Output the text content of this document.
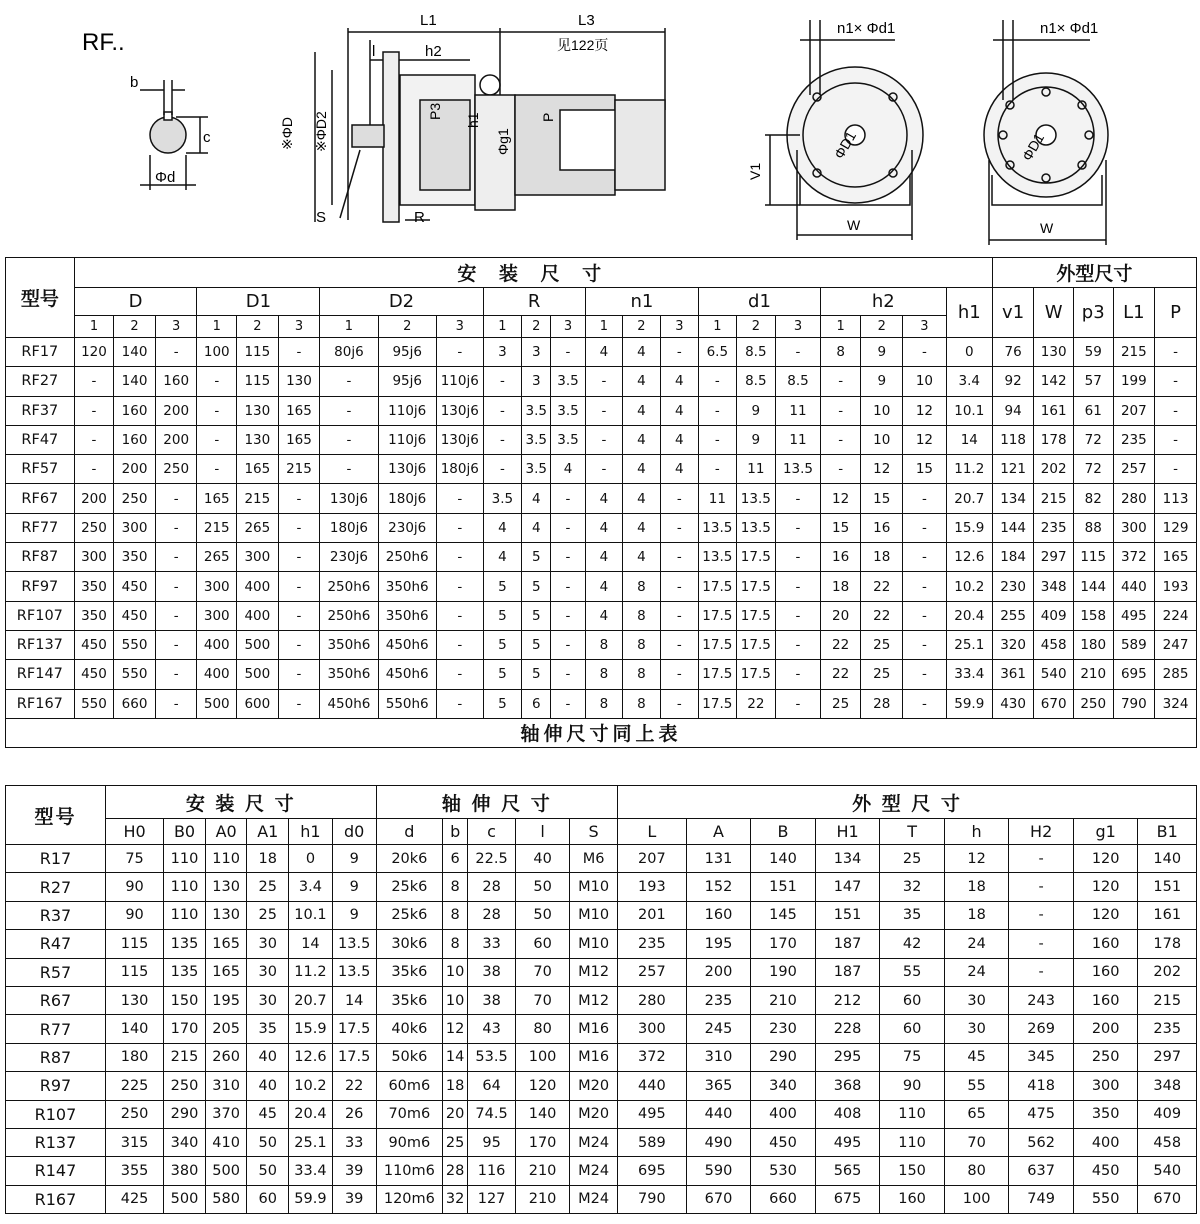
RF..
b
c
Φd
L1	L3
见122页
l	h2
P3
h1	P
※ΦD ※ΦD2	Φg1
S	R
n1× Φd1
ΦD1
V1
W
n1× Φd1
ΦD1
W
型号	安 装 尺 寸																						外型尺寸				
	D			D1			D2			R			n1			d1			h2			h1	v1	W	p3	L1	P
	1	2	3	1	2	3	1	2	3	1	2	3	1	2	3	1	2	3	1	2	3						
RF17	120	140	-	100	115	-	80j6	95j6	-	3	3	-	4	4	-	6.5	8.5	-	8	9	-	0	76	130	59	215	-
RF27	-	140	160	-	115	130	-	95j6	110j6	-	3	3.5	-	4	4	-	8.5	8.5	-	9	10	3.4	92	142	57	199	-
RF37	-	160	200	-	130	165	-	110j6	130j6	-	3.5	3.5	-	4	4	-	9	11	-	10	12	10.1	94	161	61	207	-
RF47	-	160	200	-	130	165	-	110j6	130j6	-	3.5	3.5	-	4	4	-	9	11	-	10	12	14	118	178	72	235	-
RF57	-	200	250	-	165	215	-	130j6	180j6	-	3.5	4	-	4	4	-	11	13.5	-	12	15	11.2	121	202	72	257	-
RF67	200	250	-	165	215	-	130j6	180j6	-	3.5	4	-	4	4	-	11	13.5	-	12	15	-	20.7	134	215	82	280	113
RF77	250	300	-	215	265	-	180j6	230j6	-	4	4	-	4	4	-	13.5	13.5	-	15	16	-	15.9	144	235	88	300	129
RF87	300	350	-	265	300	-	230j6	250h6	-	4	5	-	4	4	-	13.5	17.5	-	16	18	-	12.6	184	297	115	372	165
RF97	350	450	-	300	400	-	250h6	350h6	-	5	5	-	4	8	-	17.5	17.5	-	18	22	-	10.2	230	348	144	440	193
RF107	350	450	-	300	400	-	250h6	350h6	-	5	5	-	4	8	-	17.5	17.5	-	20	22	-	20.4	255	409	158	495	224
RF137	450	550	-	400	500	-	350h6	450h6	-	5	5	-	8	8	-	17.5	17.5	-	22	25	-	25.1	320	458	180	589	247
RF147	450	550	-	400	500	-	350h6	450h6	-	5	5	-	8	8	-	17.5	17.5	-	22	25	-	33.4	361	540	210	695	285
RF167	550	660	-	500	600	-	450h6	550h6	-	5	6	-	8	8	-	17.5	22	-	25	28	-	59.9	430	670	250	790	324
轴伸尺寸同上表																											
型号	安 装 尺 寸						轴 伸 尺 寸					外 型 尺 寸								
	H0	B0	A0	A1	h1	d0	d	b	c	l	S	L	A	B	H1	T	h	H2	g1	B1
R17	75	110	110	18	0	9	20k6	6	22.5	40	M6	207	131	140	134	25	12	-	120	140
R27	90	110	130	25	3.4	9	25k6	8	28	50	M10	193	152	151	147	32	18	-	120	151
R37	90	110	130	25	10.1	9	25k6	8	28	50	M10	201	160	145	151	35	18	-	120	161
R47	115	135	165	30	14	13.5	30k6	8	33	60	M10	235	195	170	187	42	24	-	160	178
R57	115	135	165	30	11.2	13.5	35k6	10	38	70	M12	257	200	190	187	55	24	-	160	202
R67	130	150	195	30	20.7	14	35k6	10	38	70	M12	280	235	210	212	60	30	243	160	215
R77	140	170	205	35	15.9	17.5	40k6	12	43	80	M16	300	245	230	228	60	30	269	200	235
R87	180	215	260	40	12.6	17.5	50k6	14	53.5	100	M16	372	310	290	295	75	45	345	250	297
R97	225	250	310	40	10.2	22	60m6	18	64	120	M20	440	365	340	368	90	55	418	300	348
R107	250	290	370	45	20.4	26	70m6	20	74.5	140	M20	495	440	400	408	110	65	475	350	409
R137	315	340	410	50	25.1	33	90m6	25	95	170	M24	589	490	450	495	110	70	562	400	458
R147	355	380	500	50	33.4	39	110m6	28	116	210	M24	695	590	530	565	150	80	637	450	540
R167	425	500	580	60	59.9	39	120m6	32	127	210	M24	790	670	660	675	160	100	749	550	670
